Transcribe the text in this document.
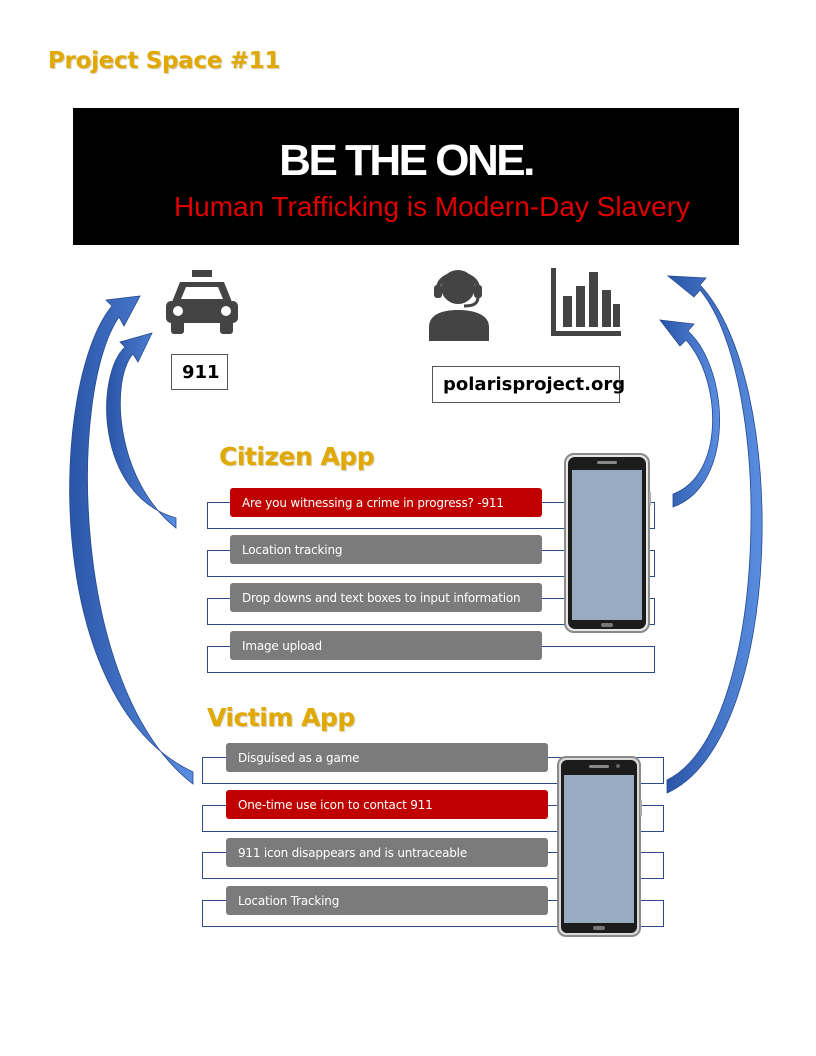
Project Space #11
BE THE ONE.
Human Trafficking is Modern-Day Slavery
911
polarisproject.org
Citizen App
Are you witnessing a crime in progress? -911
Location tracking
Drop downs and text boxes to input information
Image upload
Victim App
Disguised as a game
One-time use icon to contact 911
911 icon disappears and is untraceable
Location Tracking
